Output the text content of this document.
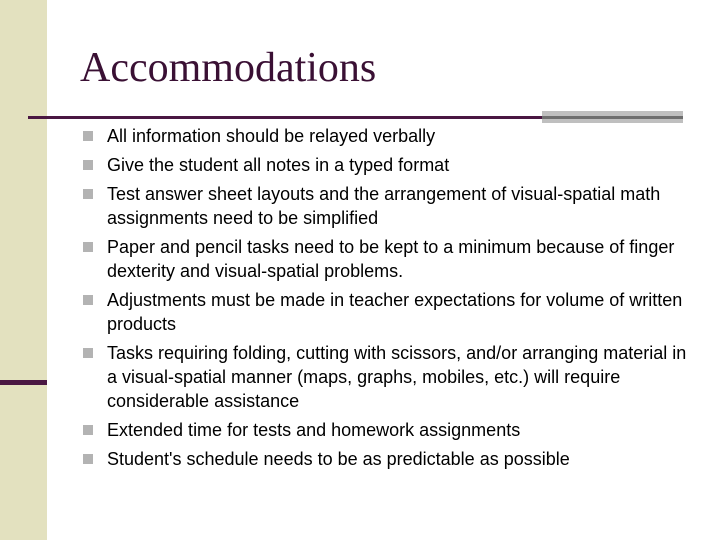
Accommodations
All information should be relayed verbally
Give the student all notes in a typed format
Test answer sheet layouts and the arrangement of visual-spatial math assignments need to be simplified
Paper and pencil tasks need to be kept to a minimum because of finger dexterity and visual-spatial problems.
Adjustments must be made in teacher expectations for volume of written products
Tasks requiring folding, cutting with scissors, and/or arranging material in a visual-spatial manner (maps, graphs, mobiles, etc.) will require considerable assistance
Extended time for tests and homework assignments
Student's schedule needs to be as predictable as possible
